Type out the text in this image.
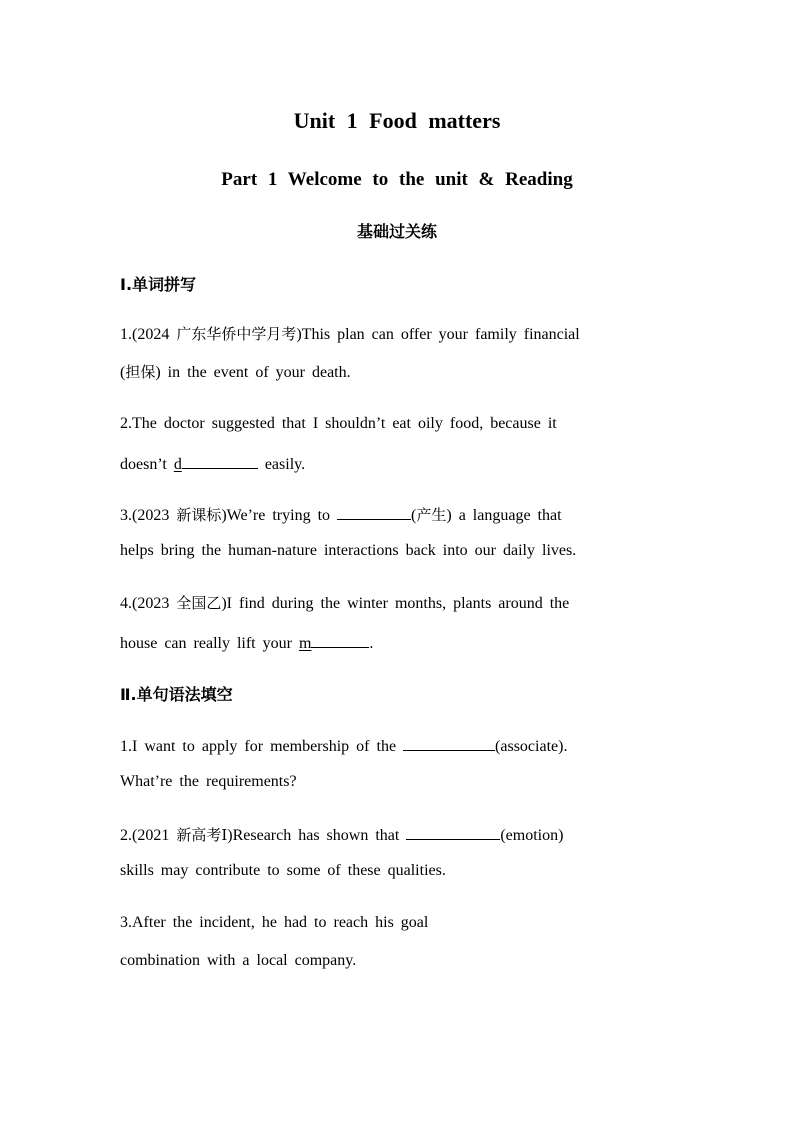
Unit 1 Food matters
Part 1 Welcome to the unit & Reading
基础过关练
Ⅰ.单词拼写
1.(2024 广东华侨中学月考)This plan can offer your family financial
(担保) in the event of your death.
2.The doctor suggested that I shouldn’t eat oily food, because it
doesn’t d	easily.
3.(2023 新课标)We’re trying to	(产生) a language that
helps bring the human-nature interactions back into our daily lives.
4.(2023 全国乙)I find during the winter months, plants around the
house can really lift your m	.
Ⅱ.单句语法填空
1.I want to apply for membership of the	(associate).
What’re the requirements?
2.(2021 新高考Ⅰ)Research has shown that	(emotion)
skills may contribute to some of these qualities.
3.After the incident, he had to reach his goal
combination with a local company.
